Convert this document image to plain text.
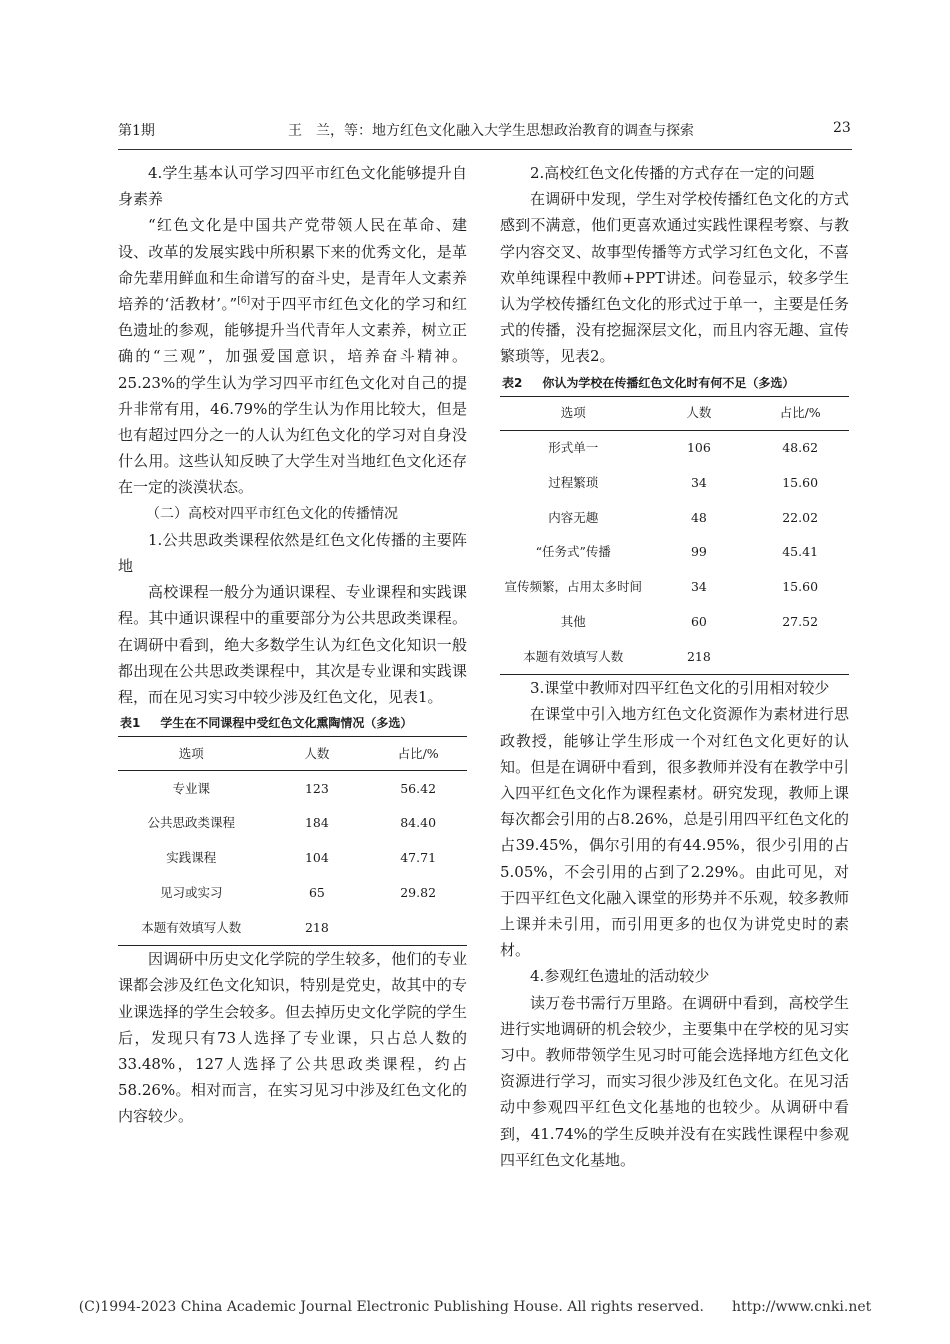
第1期	王　兰，等：地方红色文化融入大学生思想政治教育的调查与探索	23

4.学生基本认可学习四平市红色文化能够提升自身素养

“红色文化是中国共产党带领人民在革命、建设、改革的发展实践中所积累下来的优秀文化，是革命先辈用鲜血和生命谱写的奋斗史，是青年人文素养培养的‘活教材’。”[6]对于四平市红色文化的学习和红色遗址的参观，能够提升当代青年人文素养，树立正确的“三观”，加强爱国意识，培养奋斗精神。25.23%的学生认为学习四平市红色文化对自己的提升非常有用，46.79%的学生认为作用比较大，但是也有超过四分之一的人认为红色文化的学习对自身没什么用。这些认知反映了大学生对当地红色文化还存在一定的淡漠状态。

（二）高校对四平市红色文化的传播情况

1.公共思政类课程依然是红色文化传播的主要阵地

高校课程一般分为通识课程、专业课程和实践课程。其中通识课程中的重要部分为公共思政类课程。在调研中看到，绝大多数学生认为红色文化知识一般都出现在公共思政类课程中，其次是专业课和实践课程，而在见习实习中较少涉及红色文化，见表1。

表1 学生在不同课程中受红色文化熏陶情况（多选）
选项	人数	占比/%
专业课	123	56.42
公共思政类课程	184	84.40
实践课程	104	47.71
见习或实习	65	29.82
本题有效填写人数	218	

因调研中历史文化学院的学生较多，他们的专业课都会涉及红色文化知识，特别是党史，故其中的专业课选择的学生会较多。但去掉历史文化学院的学生后，发现只有73人选择了专业课，只占总人数的33.48%，127人选择了公共思政类课程，约占58.26%。相对而言，在实习见习中涉及红色文化的内容较少。

2.高校红色文化传播的方式存在一定的问题

在调研中发现，学生对学校传播红色文化的方式感到不满意，他们更喜欢通过实践性课程考察、与教学内容交叉、故事型传播等方式学习红色文化，不喜欢单纯课程中教师+PPT讲述。问卷显示，较多学生认为学校传播红色文化的形式过于单一，主要是任务式的传播，没有挖掘深层文化，而且内容无趣、宣传繁琐等，见表2。

表2 你认为学校在传播红色文化时有何不足（多选）
选项	人数	占比/%
形式单一	106	48.62
过程繁琐	34	15.60
内容无趣	48	22.02
“任务式”传播	99	45.41
宣传频繁，占用太多时间	34	15.60
其他	60	27.52
本题有效填写人数	218	

3.课堂中教师对四平红色文化的引用相对较少

在课堂中引入地方红色文化资源作为素材进行思政教授，能够让学生形成一个对红色文化更好的认知。但是在调研中看到，很多教师并没有在教学中引入四平红色文化作为课程素材。研究发现，教师上课每次都会引用的占8.26%，总是引用四平红色文化的占39.45%，偶尔引用的有44.95%，很少引用的占5.05%，不会引用的占到了2.29%。由此可见，对于四平红色文化融入课堂的形势并不乐观，较多教师上课并未引用，而引用更多的也仅为讲党史时的素材。

4.参观红色遗址的活动较少

读万卷书需行万里路。在调研中看到，高校学生进行实地调研的机会较少，主要集中在学校的见习实习中。教师带领学生见习时可能会选择地方红色文化资源进行学习，而实习很少涉及红色文化。在见习活动中参观四平红色文化基地的也较少。从调研中看到，41.74%的学生反映并没有在实践性课程中参观四平红色文化基地。

(C)1994-2023 China Academic Journal Electronic Publishing House. All rights reserved.　　http://www.cnki.net
